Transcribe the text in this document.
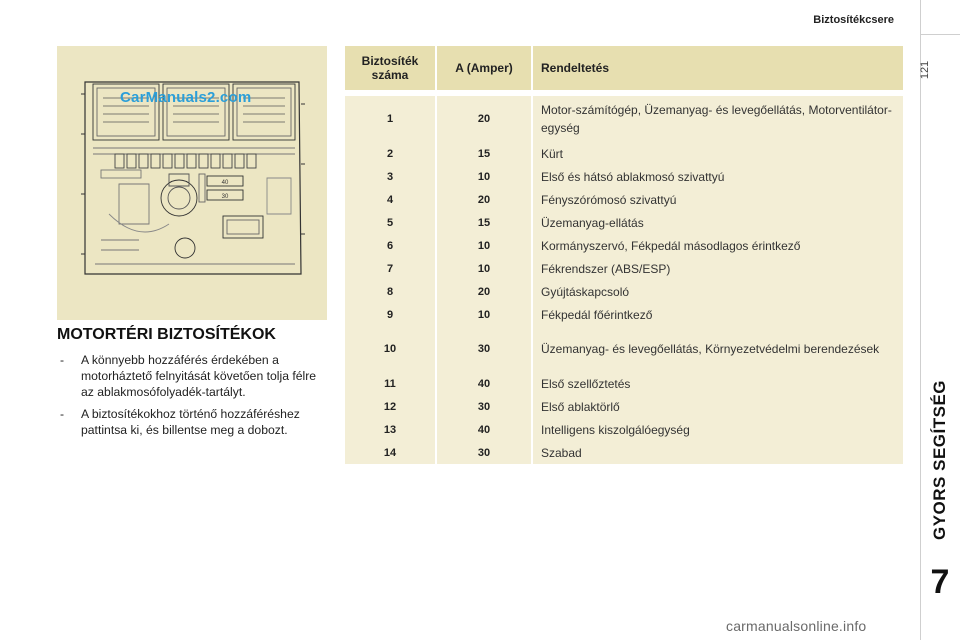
Biztosítékcsere
GYORS SEGÍTSÉG
7
121
40
30
CarManuals2.com
MOTORTÉRI BIZTOSÍTÉKOK
- A könnyebb hozzáférés érdekében a motorháztető felnyitását követően tolja félre az ablakmosófolyadék-tartályt.
- A biztosítékokhoz történő hozzáféréshez pattintsa ki, és billentse meg a dobozt.
Biztosíték száma	A (Amper)	Rendeltetés

1	20	Motor-számítógép, Üzemanyag- és levegőellátás, Motorventilátor-egység
2	15	Kürt
3	10	Első és hátsó ablakmosó szivattyú
4	20	Fényszórómosó szivattyú
5	15	Üzemanyag-ellátás
6	10	Kormányszervó, Fékpedál másodlagos érintkező
7	10	Fékrendszer (ABS/ESP)
8	20	Gyújtáskapcsoló
9	10	Fékpedál főérintkező
10	30	Üzemanyag- és levegőellátás, Környezetvédelmi berendezések
11	40	Első szellőztetés
12	30	Első ablaktörlő
13	40	Intelligens kiszolgálóegység
14	30	Szabad
carmanualsonline.info
